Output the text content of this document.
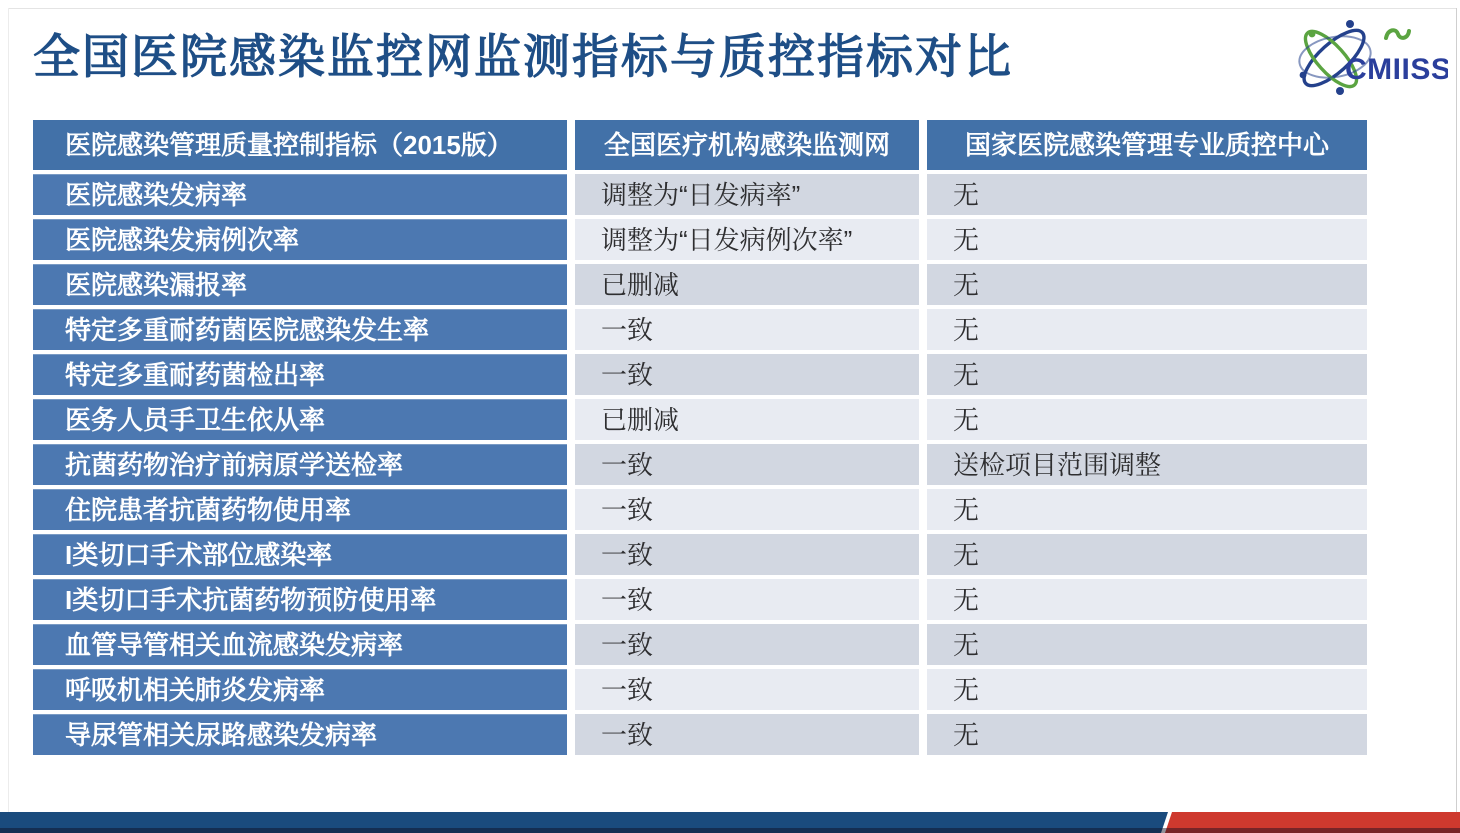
全国医院感染监控网监测指标与质控指标对比	CMIISS
医院感染管理质量控制指标（2015版）	全国医疗机构感染监测网	国家医院感染管理专业质控中心
医院感染发病率	调整为“日发病率”	无
医院感染发病例次率	调整为“日发病例次率”	无
医院感染漏报率	已删减	无
特定多重耐药菌医院感染发生率	一致	无
特定多重耐药菌检出率	一致	无
医务人员手卫生依从率	已删减	无
抗菌药物治疗前病原学送检率	一致	送检项目范围调整
住院患者抗菌药物使用率	一致	无
I类切口手术部位感染率	一致	无
I类切口手术抗菌药物预防使用率	一致	无
血管导管相关血流感染发病率	一致	无
呼吸机相关肺炎发病率	一致	无
导尿管相关尿路感染发病率	一致	无
